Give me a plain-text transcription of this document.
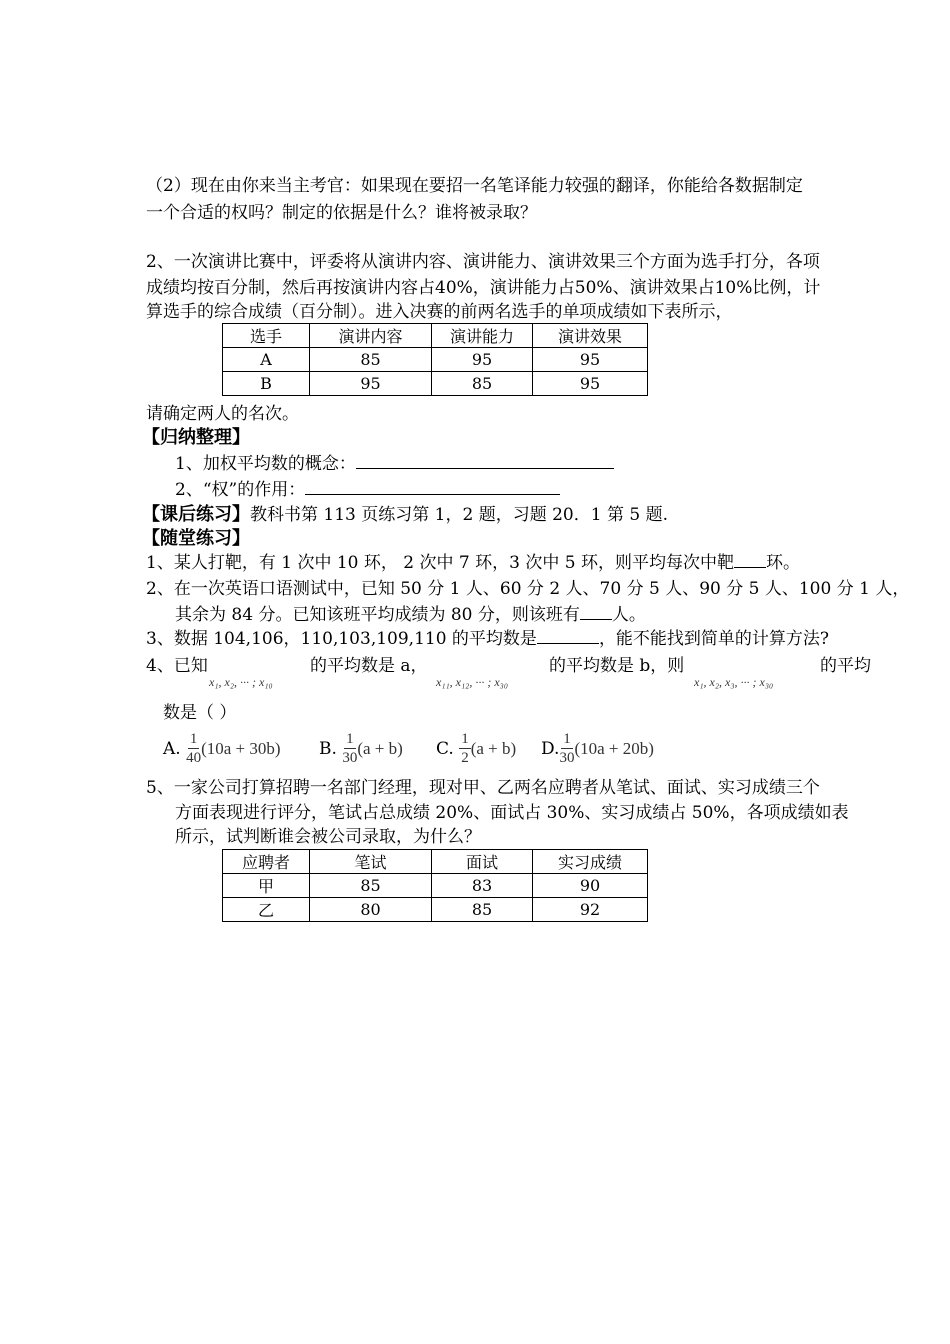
（2）现在由你来当主考官：如果现在要招一名笔译能力较强的翻译，你能给各数据制定
一个合适的权吗？制定的依据是什么？谁将被录取？
2、一次演讲比赛中，评委将从演讲内容、演讲能力、演讲效果三个方面为选手打分，各项
成绩均按百分制，然后再按演讲内容占40%，演讲能力占50%、演讲效果占10%比例，计
算选手的综合成绩（百分制）。进入决赛的前两名选手的单项成绩如下表所示，
选手	演讲内容	演讲能力	演讲效果
A	85	95	95
B	95	85	95
请确定两人的名次。
【归纳整理】
1、加权平均数的概念：
2、“权”的作用：
【课后练习】教科书第 113 页练习第 1，2 题，习题 20．1 第 5 题.
【随堂练习】
1、某人打靶，有 1 次中 10 环， 2 次中 7 环，3 次中 5 环，则平均每次中靶 环。
2、在一次英语口语测试中，已知 50 分 1 人、60 分 2 人、70 分 5 人、90 分 5 人、100 分 1 人，
其余为 84 分。已知该班平均成绩为 80 分，则该班有 人。
3、数据 104,106，110,103,109,110 的平均数是	，能不能找到简单的计算方法?
4、已知
x₁, x₂, ··· ; x₁₀
的平均数是 a，
x₁₁, x₁₂, ··· ; x₃₀
的平均数是 b，则
x₁, x₂, x₃, ··· ; x₃₀
的平均
数是（ ）
A.
$\frac{1}{40} (10a + 30b)$ B.
$\frac{1}{30} (a + b)$ C.
$\frac{1}{2} (a + b)$ D. $\frac{1}{30} (10a + 20b)$
5、一家公司打算招聘一名部门经理，现对甲、乙两名应聘者从笔试、面试、实习成绩三个
方面表现进行评分，笔试占总成绩 20%、面试占 30%、实习成绩占 50%，各项成绩如表
所示，试判断谁会被公司录取，为什么？
应聘者	笔试	面试	实习成绩
甲	85	83	90
乙	80	85	92
